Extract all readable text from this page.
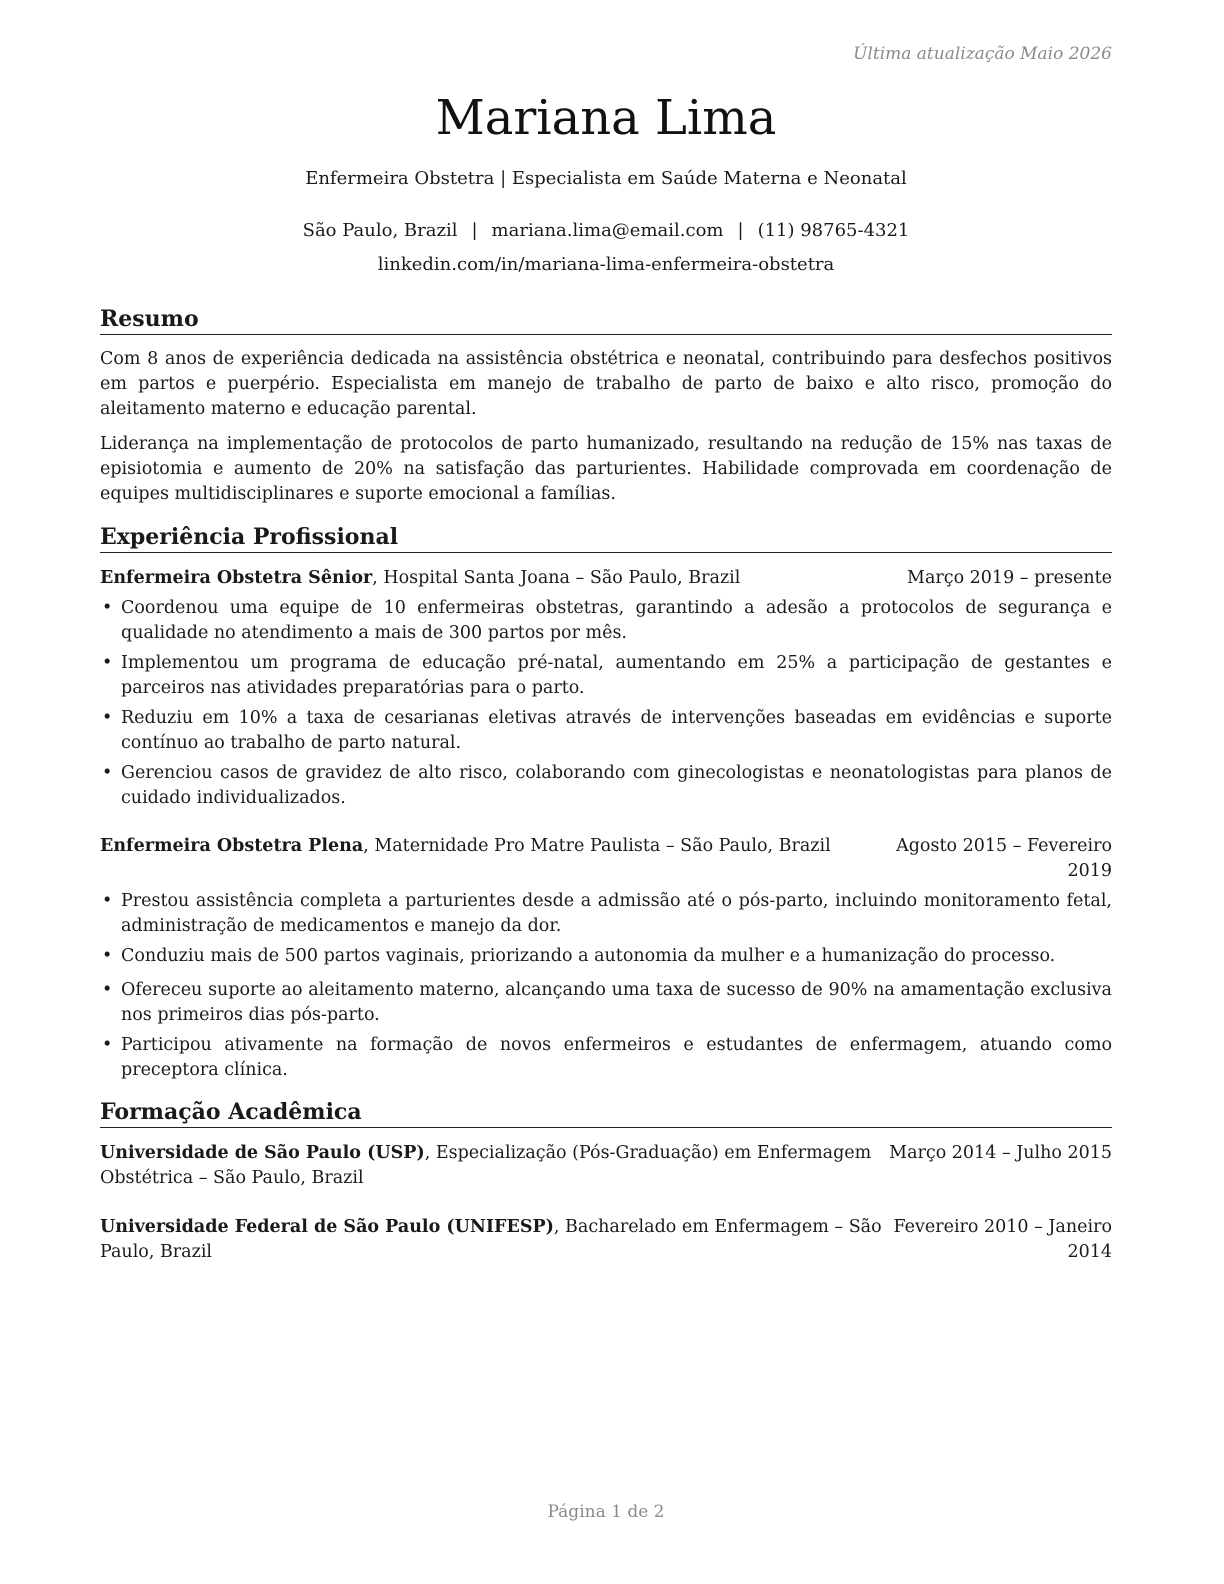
Última atualização Maio 2026
Mariana Lima
Enfermeira Obstetra | Especialista em Saúde Materna e Neonatal
São Paulo, Brazil | mariana.lima@email.com | (11) 98765-4321
linkedin.com/in/mariana-lima-enfermeira-obstetra
Resumo
Com 8 anos de experiência dedicada na assistência obstétrica e neonatal, contribuindo para desfechos positivos em partos e puerpério. Especialista em manejo de trabalho de parto de baixo e alto risco, promoção do aleitamento materno e educação parental.
Liderança na implementação de protocolos de parto humanizado, resultando na redução de 15% nas taxas de episiotomia e aumento de 20% na satisfação das parturientes. Habilidade comprovada em coordenação de equipes multidisciplinares e suporte emocional a famílias.
Experiência Profissional
Enfermeira Obstetra Sênior, Hospital Santa Joana – São Paulo, Brazil	Março 2019 – presente
• Coordenou uma equipe de 10 enfermeiras obstetras, garantindo a adesão a protocolos de segurança e qualidade no atendimento a mais de 300 partos por mês.
• Implementou um programa de educação pré-natal, aumentando em 25% a participação de gestantes e parceiros nas atividades preparatórias para o parto.
• Reduziu em 10% a taxa de cesarianas eletivas através de intervenções baseadas em evidências e suporte contínuo ao trabalho de parto natural.
• Gerenciou casos de gravidez de alto risco, colaborando com ginecologistas e neonatologistas para planos de cuidado individualizados.
Enfermeira Obstetra Plena, Maternidade Pro Matre Paulista – São Paulo, Brazil	Agosto 2015 – Fevereiro
2019
• Prestou assistência completa a parturientes desde a admissão até o pós-parto, incluindo monitoramento fetal, administração de medicamentos e manejo da dor.
• Conduziu mais de 500 partos vaginais, priorizando a autonomia da mulher e a humanização do processo.
• Ofereceu suporte ao aleitamento materno, alcançando uma taxa de sucesso de 90% na amamentação exclusiva nos primeiros dias pós-parto.
• Participou ativamente na formação de novos enfermeiros e estudantes de enfermagem, atuando como preceptora clínica.
Formação Acadêmica
Universidade de São Paulo (USP), Especialização (Pós-Graduação) em Enfermagem
Obstétrica – São Paulo, Brazil
Março 2014 – Julho 2015

Universidade Federal de São Paulo (UNIFESP), Bacharelado em Enfermagem – São
Paulo, Brazil
Fevereiro 2010 – Janeiro
2014
Página 1 de 2
